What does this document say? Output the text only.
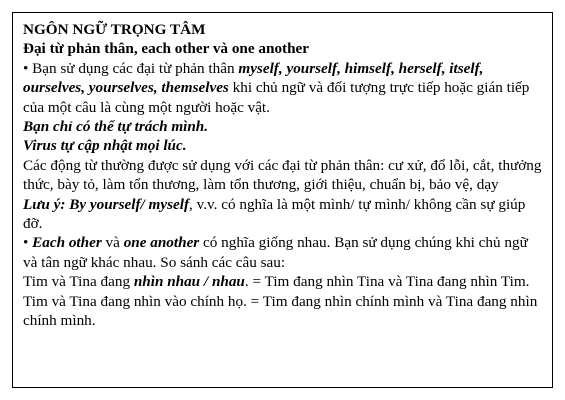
NGÔN NGỮ TRỌNG TÂM

Đại từ phản thân, each other và one another

• Bạn sử dụng các đại từ phản thân myself, yourself, himself, herself, itself, ourselves, yourselves, themselves khi chủ ngữ và đối tượng trực tiếp hoặc gián tiếp của một câu là cùng một người hoặc vật.

Bạn chỉ có thể tự trách mình.

Virus tự cập nhật mọi lúc.

Các động từ thường được sử dụng với các đại từ phản thân: cư xử, đổ lỗi, cắt, thưởng thức, bày tỏ, làm tổn thương, làm tổn thương, giới thiệu, chuẩn bị, bảo vệ, dạy

Lưu ý: By yourself/ myself, v.v. có nghĩa là một mình/ tự mình/ không cần sự giúp đỡ.

• Each other và one another có nghĩa giống nhau. Bạn sử dụng chúng khi chủ ngữ và tân ngữ khác nhau. So sánh các câu sau:

Tim và Tina đang nhìn nhau / nhau. = Tim đang nhìn Tina và Tina đang nhìn Tim.

Tim và Tina đang nhìn vào chính họ. = Tim đang nhìn chính mình và Tina đang nhìn chính mình.
